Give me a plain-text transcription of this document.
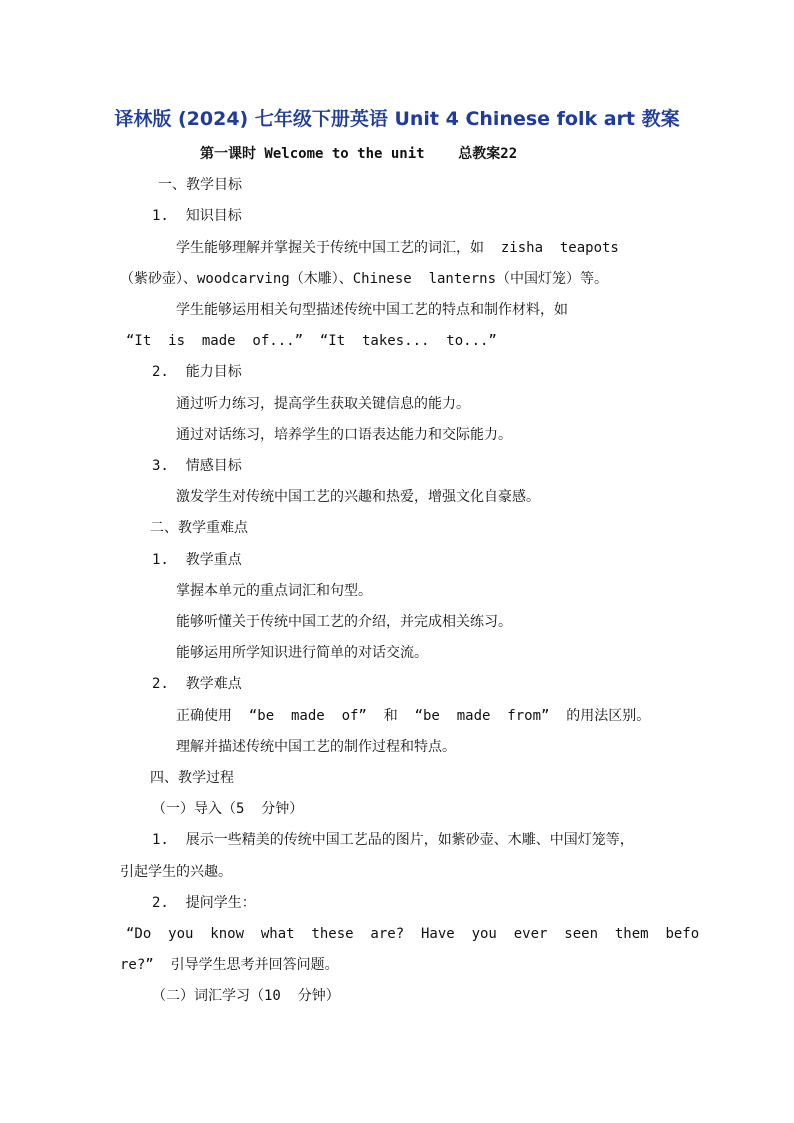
译林版 (2024) 七年级下册英语 Unit 4 Chinese folk art 教案
第一课时 Welcome to the unit    总教案22
一、教学目标
1.  知识目标
学生能够理解并掌握关于传统中国工艺的词汇，如  zisha  teapots
（紫砂壶）、woodcarving（木雕）、Chinese  lanterns（中国灯笼）等。
学生能够运用相关句型描述传统中国工艺的特点和制作材料，如
“It  is  made  of...”  “It  takes...  to...”
2.  能力目标
通过听力练习，提高学生获取关键信息的能力。
通过对话练习，培养学生的口语表达能力和交际能力。
3.  情感目标
激发学生对传统中国工艺的兴趣和热爱，增强文化自豪感。
二、教学重难点
1.  教学重点
掌握本单元的重点词汇和句型。
能够听懂关于传统中国工艺的介绍，并完成相关练习。
能够运用所学知识进行简单的对话交流。
2.  教学难点
正确使用  “be  made  of”  和  “be  made  from”  的用法区别。
理解并描述传统中国工艺的制作过程和特点。
四、教学过程
（一）导入（5  分钟）
1.  展示一些精美的传统中国工艺品的图片，如紫砂壶、木雕、中国灯笼等，
引起学生的兴趣。
2.  提问学生：
“Do  you  know  what  these  are?  Have  you  ever  seen  them  befo
re?”  引导学生思考并回答问题。
（二）词汇学习（10  分钟）
